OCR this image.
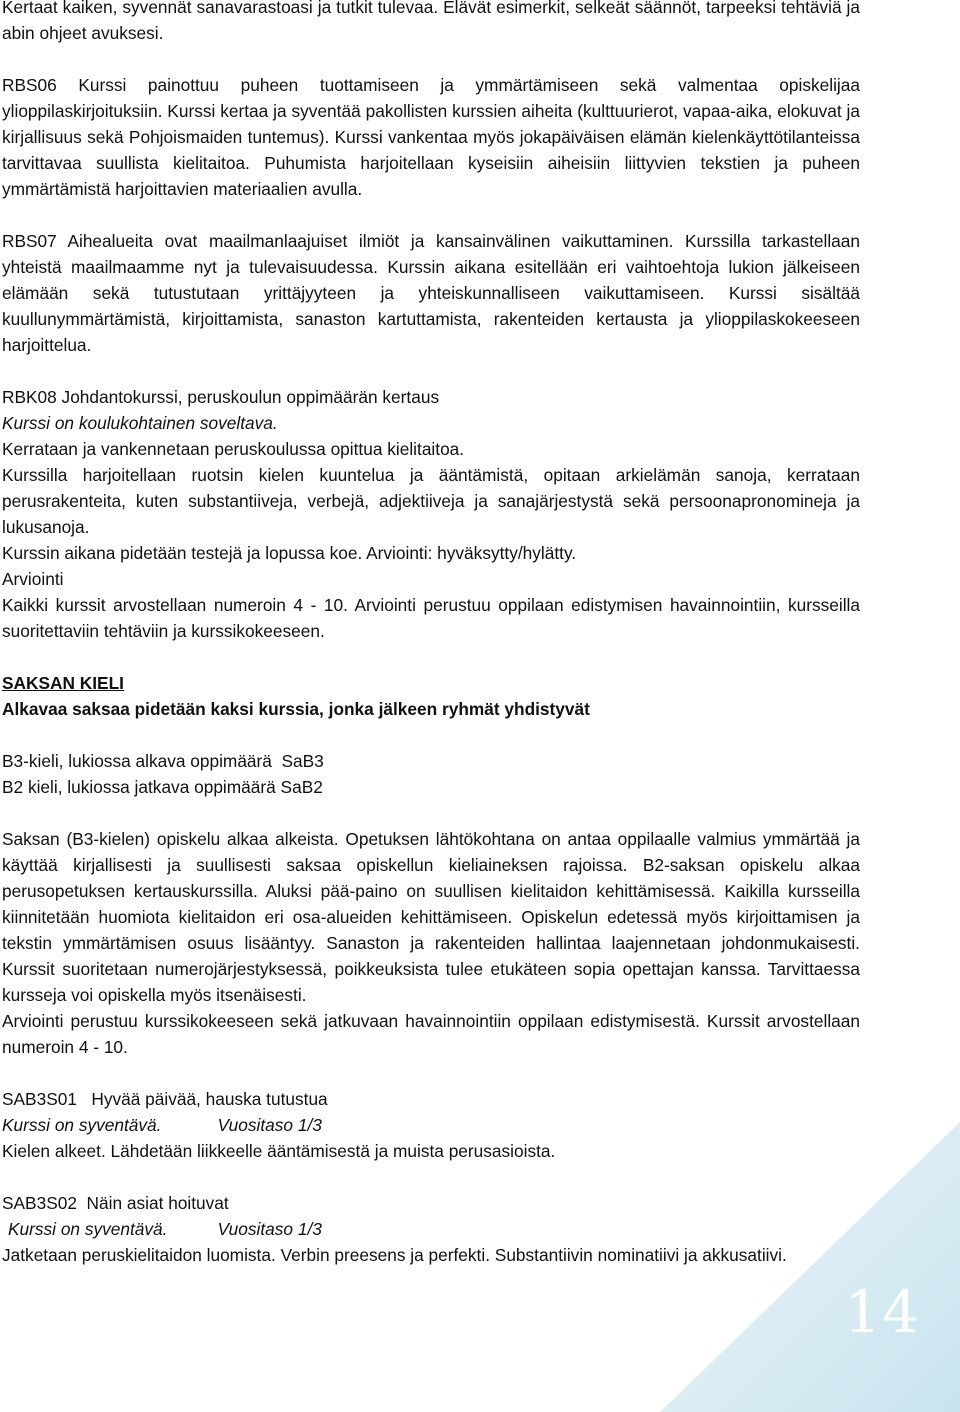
14

Kertaat kaiken, syvennät sanavarastoasi ja tutkit tulevaa. Elävät esimerkit, selkeät säännöt, tarpeeksi tehtäviä ja abin ohjeet avuksesi.

RBS06 Kurssi painottuu puheen tuottamiseen ja ymmärtämiseen sekä valmentaa opiskelijaa ylioppilaskirjoituksiin. Kurssi kertaa ja syventää pakollisten kurssien aiheita (kulttuurierot, vapaa-aika, elokuvat ja kirjallisuus sekä Pohjoismaiden tuntemus). Kurssi vankentaa myös jokapäiväisen elämän kielenkäyttötilanteissa tarvittavaa suullista kielitaitoa. Puhumista harjoitellaan kyseisiin aiheisiin liittyvien tekstien ja puheen ymmärtämistä harjoittavien materiaalien avulla.

RBS07 Aihealueita ovat maailmanlaajuiset ilmiöt ja kansainvälinen vaikuttaminen. Kurssilla tarkastellaan yhteistä maailmaamme nyt ja tulevaisuudessa. Kurssin aikana esitellään eri vaihtoehtoja lukion jälkeiseen elämään sekä tutustutaan yrittäjyyteen ja yhteiskunnalliseen vaikuttamiseen. Kurssi sisältää kuullunymmärtämistä, kirjoittamista, sanaston kartuttamista, rakenteiden kertausta ja ylioppilaskokeeseen harjoittelua.

RBK08 Johdantokurssi, peruskoulun oppimäärän kertaus
Kurssi on koulukohtainen soveltava.
Kerrataan ja vankennetaan peruskoulussa opittua kielitaitoa.

Kurssilla harjoitellaan ruotsin kielen kuuntelua ja ääntämistä, opitaan arkielämän sanoja, kerrataan perusrakenteita, kuten substantiiveja, verbejä, adjektiiveja ja sanajärjestystä sekä persoonapronomineja ja lukusanoja.

Kurssin aikana pidetään testejä ja lopussa koe. Arviointi: hyväksytty/hylätty.
Arviointi

Kaikki kurssit arvostellaan numeroin 4 - 10. Arviointi perustuu oppilaan edistymisen havainnointiin, kursseilla suoritettaviin tehtäviin ja kurssikokeeseen.

SAKSAN KIELI
Alkavaa saksaa pidetään kaksi kurssia, jonka jälkeen ryhmät yhdistyvät
B3-kieli, lukiossa alkava oppimäärä  SaB3
B2 kieli, lukiossa jatkava oppimäärä SaB2

Saksan (B3-kielen) opiskelu alkaa alkeista. Opetuksen lähtökohtana on antaa oppilaalle valmius ymmärtää ja käyttää kirjallisesti ja suullisesti saksaa opiskellun kieliaineksen rajoissa. B2-saksan opiskelu alkaa perusopetuksen kertauskurssilla. Aluksi pää-paino on suullisen kielitaidon kehittämisessä. Kaikilla kursseilla kiinnitetään huomiota kielitaidon eri osa-alueiden kehittämiseen. Opiskelun edetessä myös kirjoittamisen ja tekstin ymmärtämisen osuus lisääntyy. Sanaston ja rakenteiden hallintaa laajennetaan johdonmukaisesti. Kurssit suoritetaan numerojärjestyksessä, poikkeuksista tulee etukäteen sopia opettajan kanssa. Tarvittaessa kursseja voi opiskella myös itsenäisesti.

Arviointi perustuu kurssikokeeseen sekä jatkuvaan havainnointiin oppilaan edistymisestä. Kurssit arvostellaan numeroin 4 - 10.

SAB3S01   Hyvää päivää, hauska tutustua
Kurssi on syventävä.	Vuositaso 1/3
Kielen alkeet. Lähdetään liikkeelle ääntämisestä ja muista perusasioista.
SAB3S02  Näin asiat hoituvat
Kurssi on syventävä.	Vuositaso 1/3

Jatketaan peruskielitaidon luomista. Verbin preesens ja perfekti. Substantiivin nominatiivi ja akkusatiivi.
